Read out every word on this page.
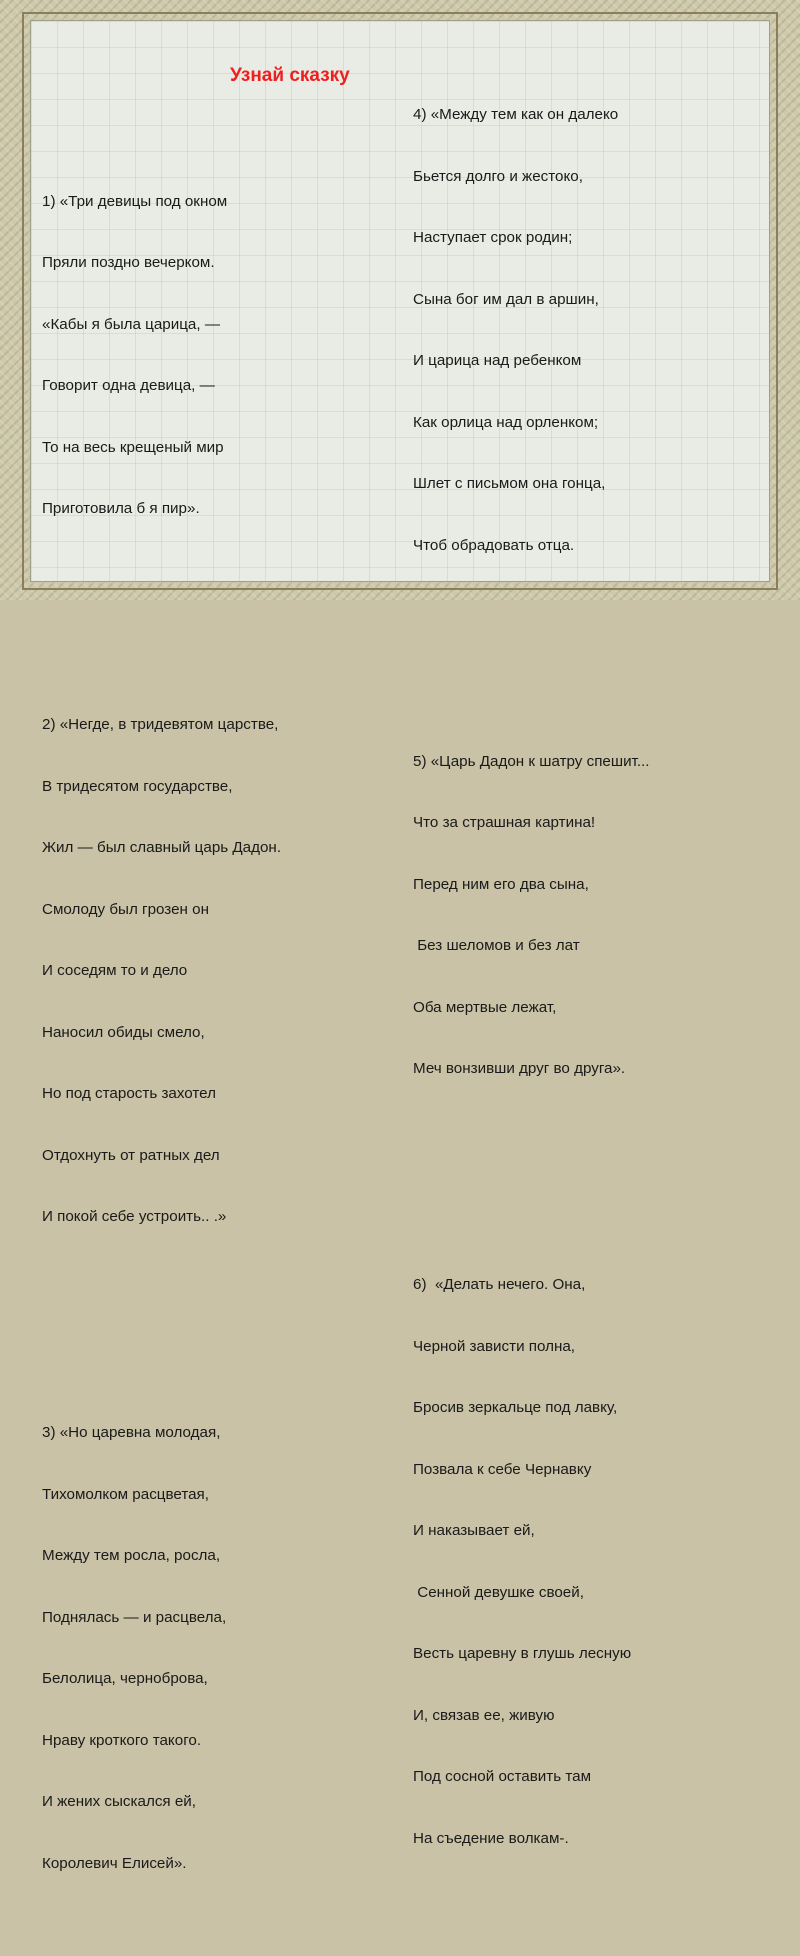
Узнай сказку

1) «Три девицы под окном

Пряли поздно вечерком.

«Кабы я была царица, —

Говорит одна девица, —

То на весь крещеный мир

Приготовила б я пир».

2) «Негде, в тридевятом царстве,

В тридесятом государстве,

Жил — был славный царь Дадон.

Смолоду был грозен он

И соседям то и дело

Наносил обиды смело,

Но под старость захотел

Отдохнуть от ратных дел

И покой себе устроить.. .»

3) «Но царевна молодая,

Тихомолком расцветая,

Между тем росла, росла,

Поднялась — и расцвела,

Белолица, черноброва,

Нраву кроткого такого.

И жених сыскался ей,

Королевич Елисей».

4) «Между тем как он далеко

Бьется долго и жестоко,

Наступает срок родин;

Сына бог им дал в аршин,

И царица над ребенком

Как орлица над орленком;

Шлет с письмом она гонца,

Чтоб обрадовать отца.

5) «Царь Дадон к шатру спешит...

Что за страшная картина!

Перед ним его два сына,

Без шеломов и без лат

Оба мертвые лежат,

Меч вонзивши друг во друга».

6)  «Делать нечего. Она,

Черной зависти полна,

Бросив зеркальце под лавку,

Позвала к себе Чернавку

И наказывает ей,

Сенной девушке своей,

Весть царевну в глушь лесную

И, связав ее, живую

Под сосной оставить там

На съедение волкам-.
